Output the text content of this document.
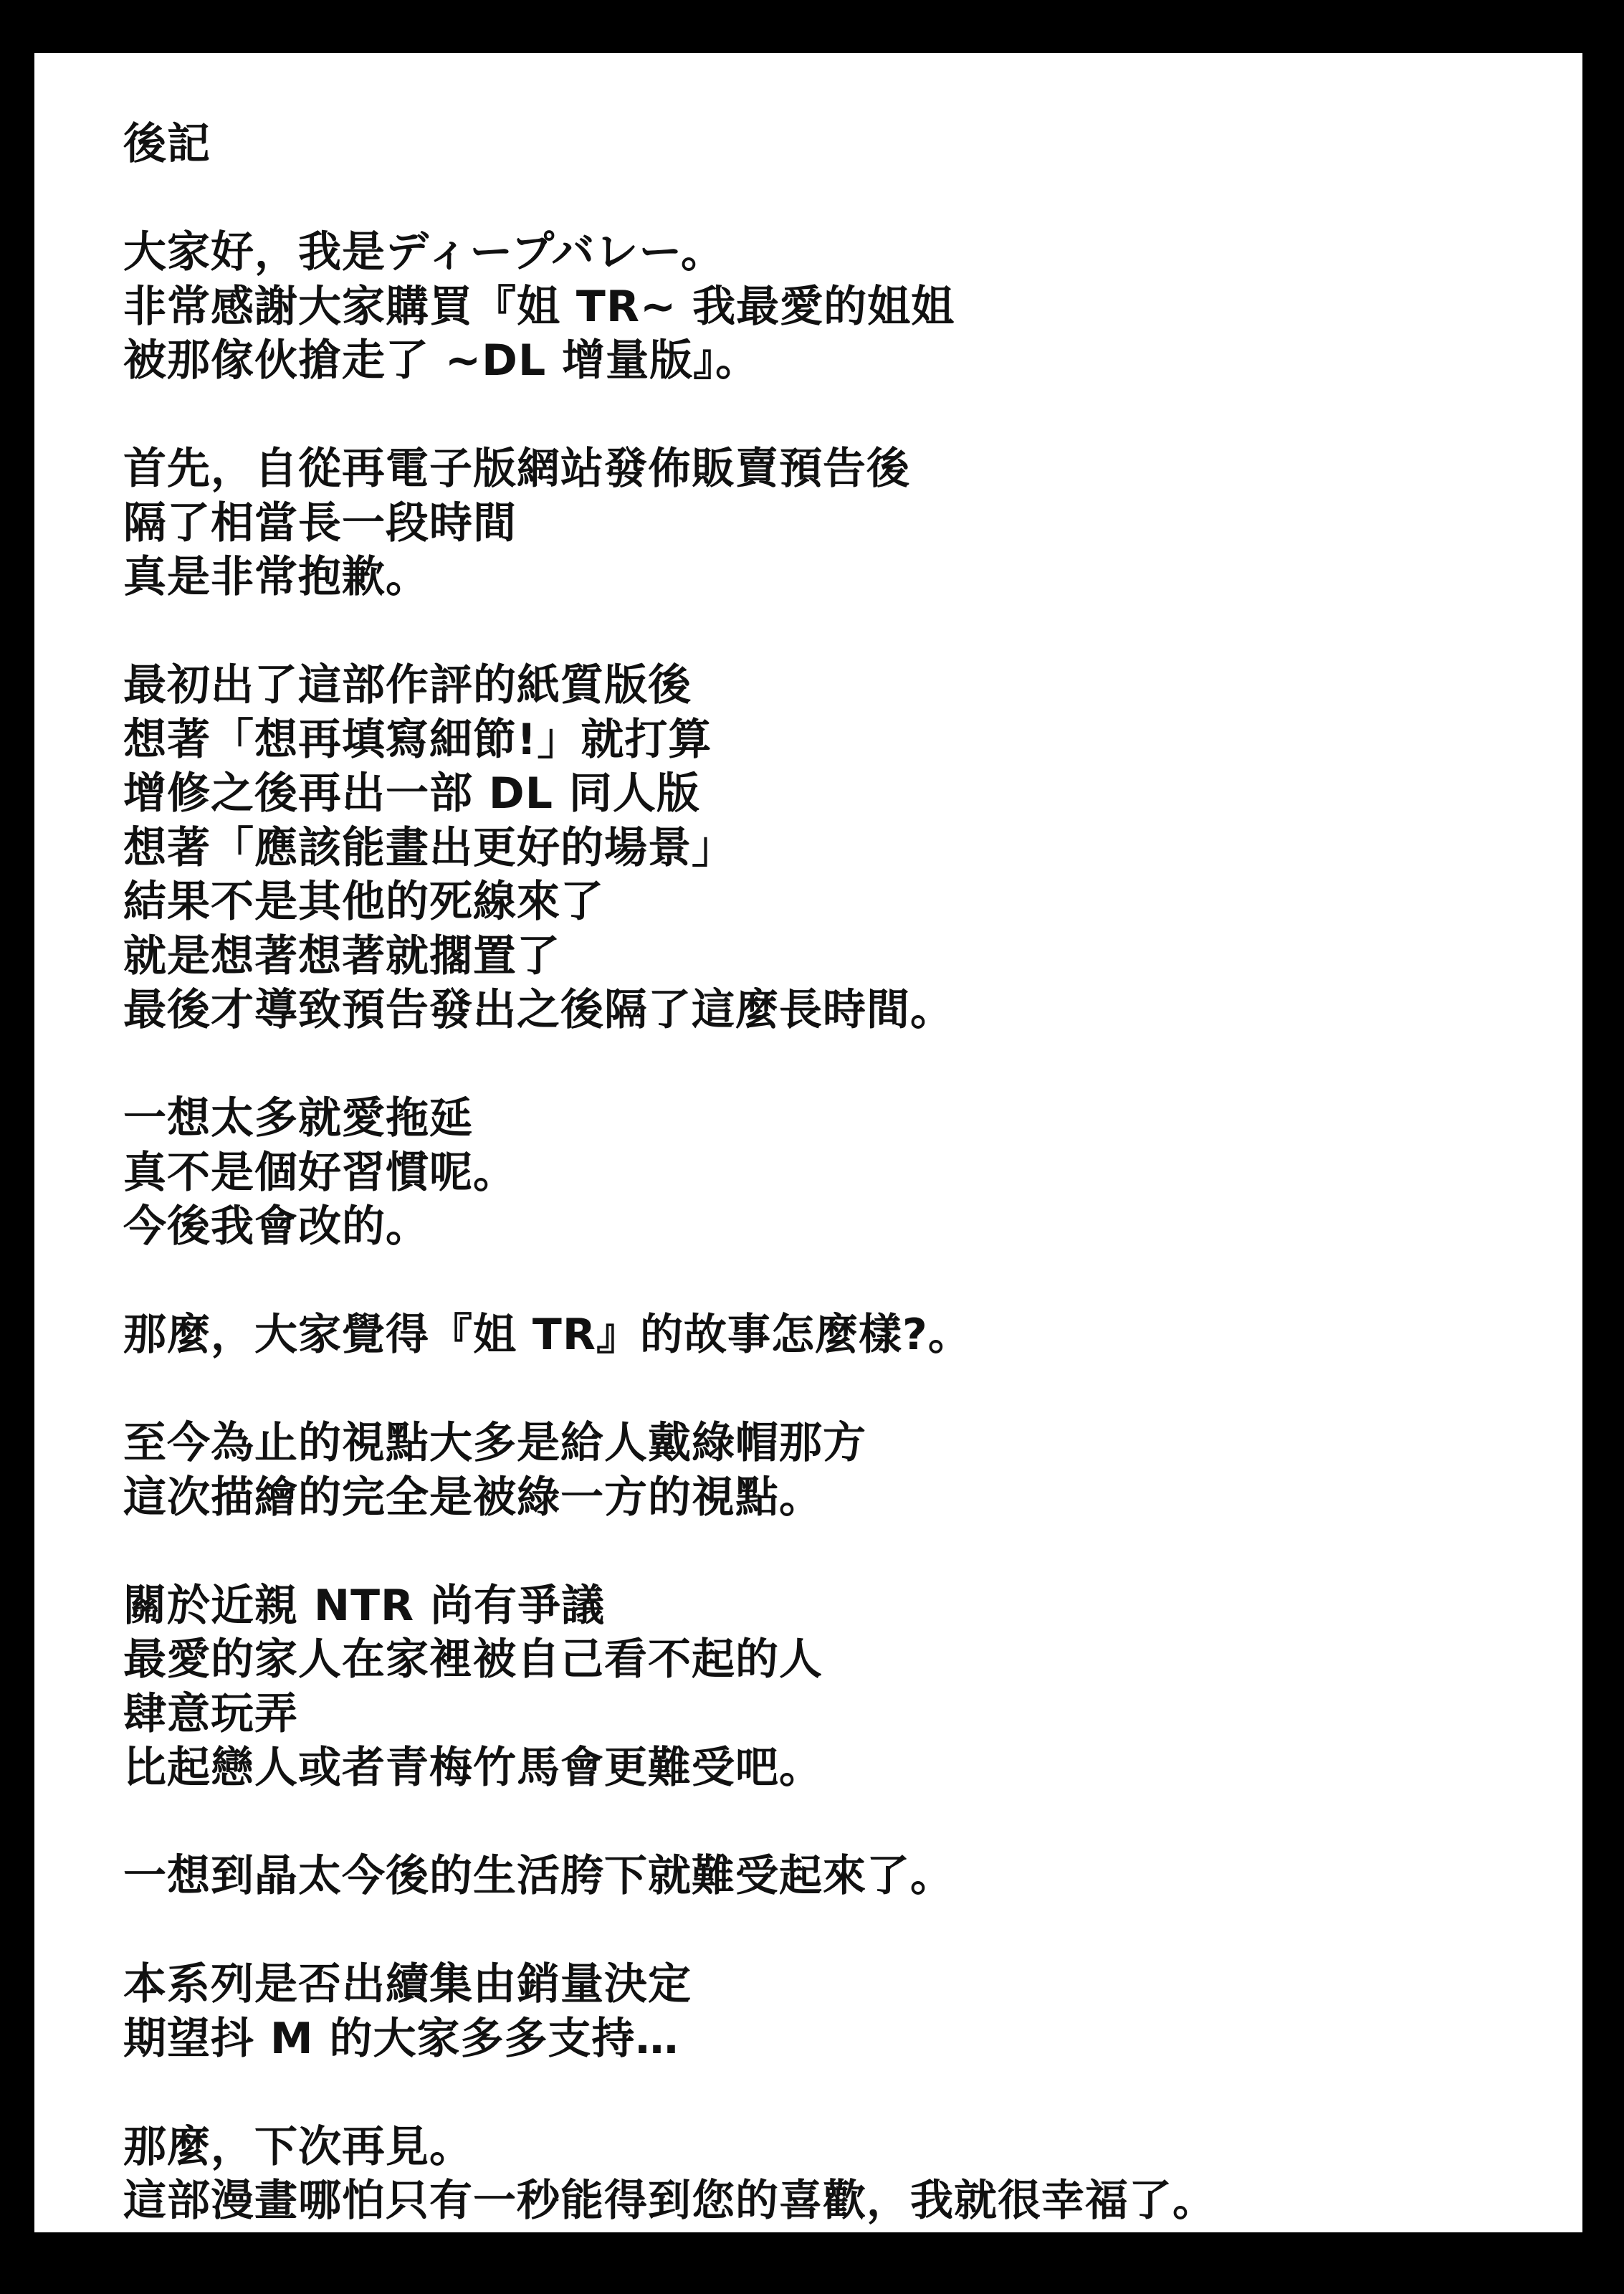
後記
大家好，我是ディープバレー。
非常感謝大家購買『姐 TR~ 我最愛的姐姐
被那傢伙搶走了 ~DL 增量版』。
首先，自從再電子版網站發佈販賣預告後
隔了相當長一段時間
真是非常抱歉。
最初出了這部作評的紙質版後
想著「想再填寫細節!」就打算
增修之後再出一部 DL 同人版
想著「應該能畫出更好的場景」
結果不是其他的死線來了
就是想著想著就擱置了
最後才導致預告發出之後隔了這麼長時間。
一想太多就愛拖延
真不是個好習慣呢。
今後我會改的。
那麼，大家覺得『姐 TR』的故事怎麼樣?。
至今為止的視點大多是給人戴綠帽那方
這次描繪的完全是被綠一方的視點。
關於近親 NTR 尚有爭議
最愛的家人在家裡被自己看不起的人
肆意玩弄
比起戀人或者青梅竹馬會更難受吧。
一想到晶太今後的生活胯下就難受起來了。
本系列是否出續集由銷量決定
期望抖 M 的大家多多支持…
那麼，下次再見。
這部漫畫哪怕只有一秒能得到您的喜歡，我就很幸福了。
